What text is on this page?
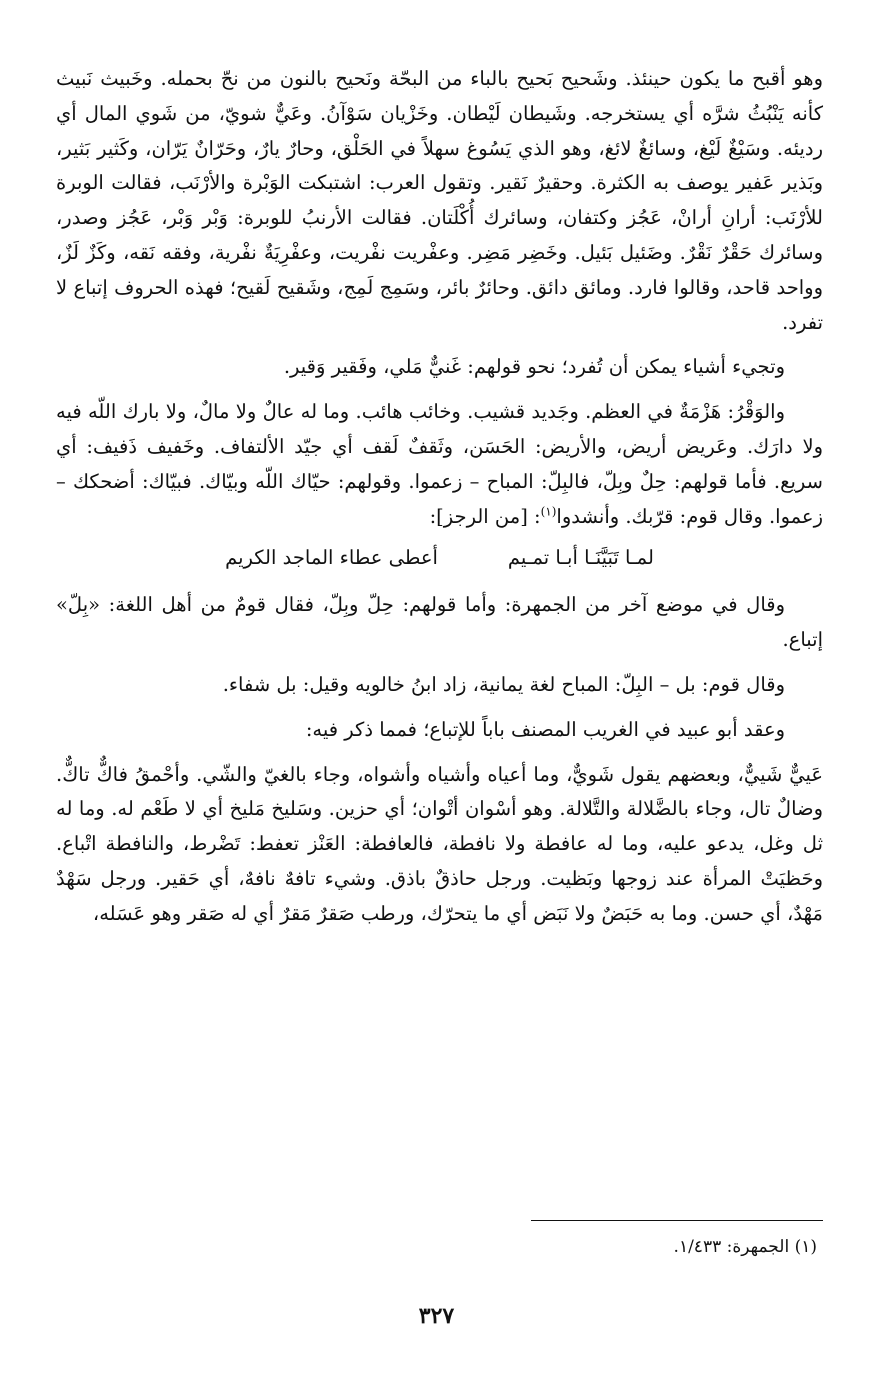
وهو أقبح ما يكون حينئذ. وشَحيح بَحيح بالباء من البحّة ونَحيح بالنون من نحّ بحمله. وخَبيث نَبيث كأنه يَنْبُثُ شرَّه أي يستخرجه. وشَيطان لَيْطان. وخَزْيان سَوْآنُ. وعَيٌّ شويّ، من شَوي المال أي رديئه. وسَيْغٌ لَيْغ، وسائغٌ لائغ، وهو الذي يَسُوغ سهلاً في الحَلْق، وحارٌ يارٌ، وحَرّانٌ يَرّان، وكَثير بَثير، وبَذير عَفير يوصف به الكثرة. وحقيرٌ نَقير. وتقول العرب: اشتبكت الوَبْرة والأرْنَب، فقالت الوبرة للأرْنَب: أرانِ أرانْ، عَجُز وكتفان، وسائرك أُكْلَتان. فقالت الأرنبُ للوبرة: وَبْر وَبْر، عَجُز وصدر، وسائرك حَقْرٌ نَقْرٌ. وضَئيل بَئيل. وخَضِر مَضِر. وعفْريت نفْريت، وعفْرِيَةٌ نفْرية، وفقه نَقه، وكَزٌ لَزٌ، وواحد قاحد، وقالوا فارد. ومائق دائق. وحائرٌ بائر، وسَمِج لَمِج، وشَقيح لَقيح؛ فهذه الحروف إتباع لا تفرد.

وتجيء أشياء يمكن أن تُفرد؛ نحو قولهم: غَنيٌّ مَلي، وفَقير وَقير.

والوَقْرُ: هَزْمَةٌ في العظم. وجَديد قشيب. وخائب هائب. وما له عالٌ ولا مالٌ، ولا بارك اللّه فيه ولا دارَك. وعَريض أريض، والأريض: الحَسَن، وثَقفٌ لَقف أي جيّد الألتفاف. وخَفيف ذَفيف: أي سريع. فأما قولهم: حِلٌ وبِلّ، فالبِلّ: المباح – زعموا. وقولهم: حيّاك اللّه وبيّاك. فبيّاك: أضحكك – زعموا. وقال قوم: قرّبك. وأنشدوا$^{(١)}$: [من الرجز]:

لمـا تَبَيَّنَـا أبـا تمـيم
أعطى عطاء الماجد الكريم

وقال في موضع آخر من الجمهرة: وأما قولهم: حِلّ وبِلّ، فقال قومٌ من أهل اللغة: «بِلّ» إتباع.

وقال قوم: بل – البِلّ: المباح لغة يمانية، زاد ابنُ خالويه وقيل: بل شفاء.

وعقد أبو عبيد في الغريب المصنف باباً للإتباع؛ فمما ذكر فيه:

عَييٌّ شَييٌّ، وبعضهم يقول شَويٌّ، وما أعياه وأشياه وأشواه، وجاء بالغيّ والشّي. وأحْمقُ فاكٌّ تاكٌّ. وضالٌ تال، وجاء بالضَّلالة والتَّلالة. وهو أسْوان أتْوان؛ أي حزين. وسَليخ مَليخ أي لا طَعْم له. وما له ثل وغل، يدعو عليه، وما له عافطة ولا نافطة، فالعافطة: العَنْز تعفط: تَضْرط، والنافطة اتْباع. وحَظيَتْ المرأة عند زوجها وبَظيت. ورجل حاذقٌ باذق. وشيء تافهٌ نافهٌ، أي حَقير. ورجل سَهْدٌ مَهْدٌ، أي حسن. وما به حَبَضٌ ولا نَبَض أي ما يتحرّك، ورطب صَقرٌ مَقرٌ أي له صَقر وهو عَسَله،

(١) الجمهرة: ١/٤٣٣.
٣٢٧
